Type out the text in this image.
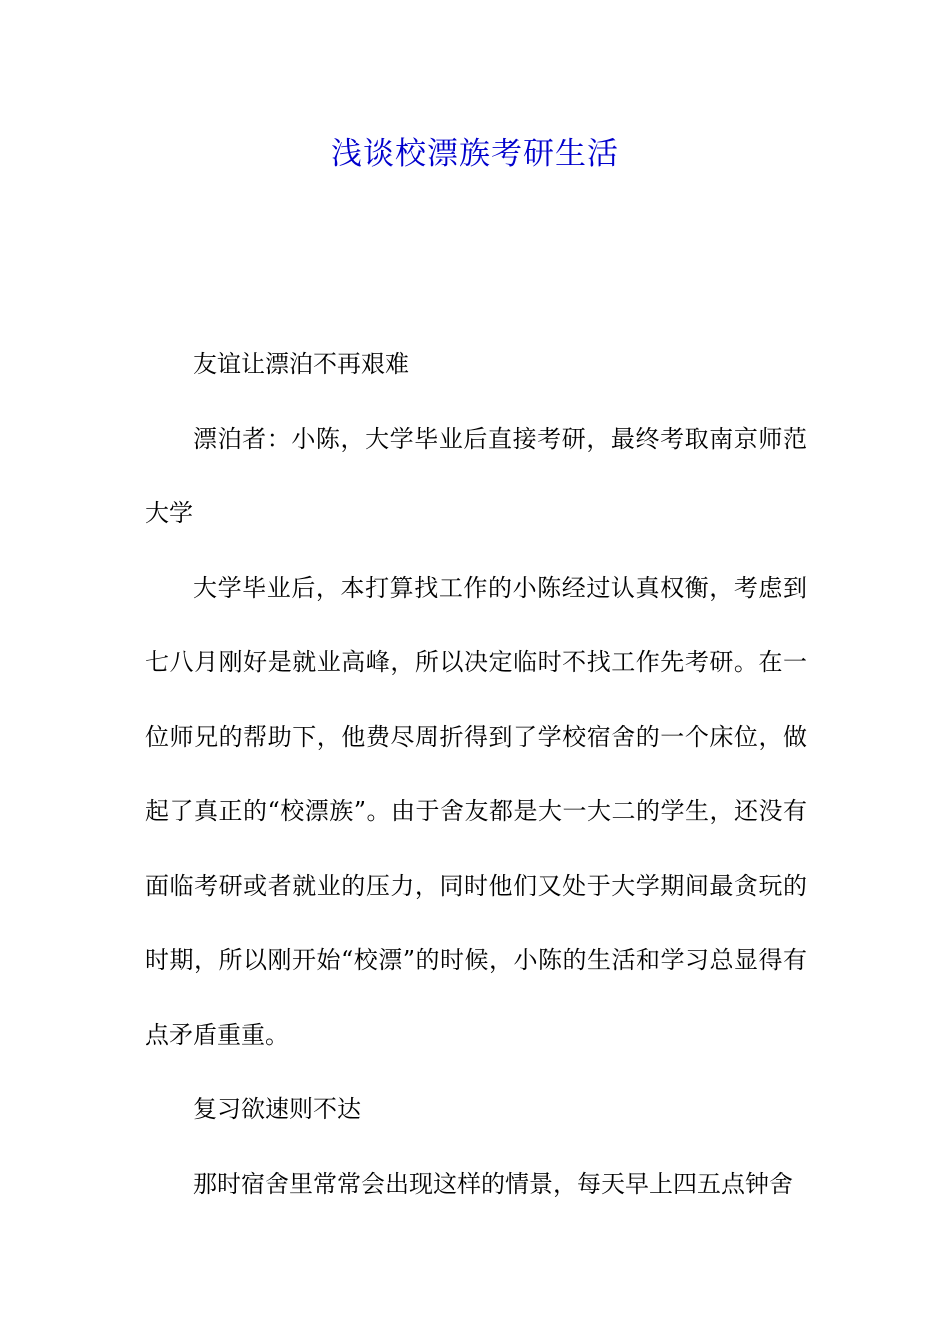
浅谈校漂族考研生活

友谊让漂泊不再艰难

漂泊者：小陈，大学毕业后直接考研，最终考取南京师范大学

大学毕业后，本打算找工作的小陈经过认真权衡，考虑到七八月刚好是就业高峰，所以决定临时不找工作先考研。在一位师兄的帮助下，他费尽周折得到了学校宿舍的一个床位，做起了真正的“校漂族”。由于舍友都是大一大二的学生，还没有面临考研或者就业的压力，同时他们又处于大学期间最贪玩的时期，所以刚开始“校漂”的时候，小陈的生活和学习总显得有点矛盾重重。

复习欲速则不达

那时宿舍里常常会出现这样的情景，每天早上四五点钟舍
